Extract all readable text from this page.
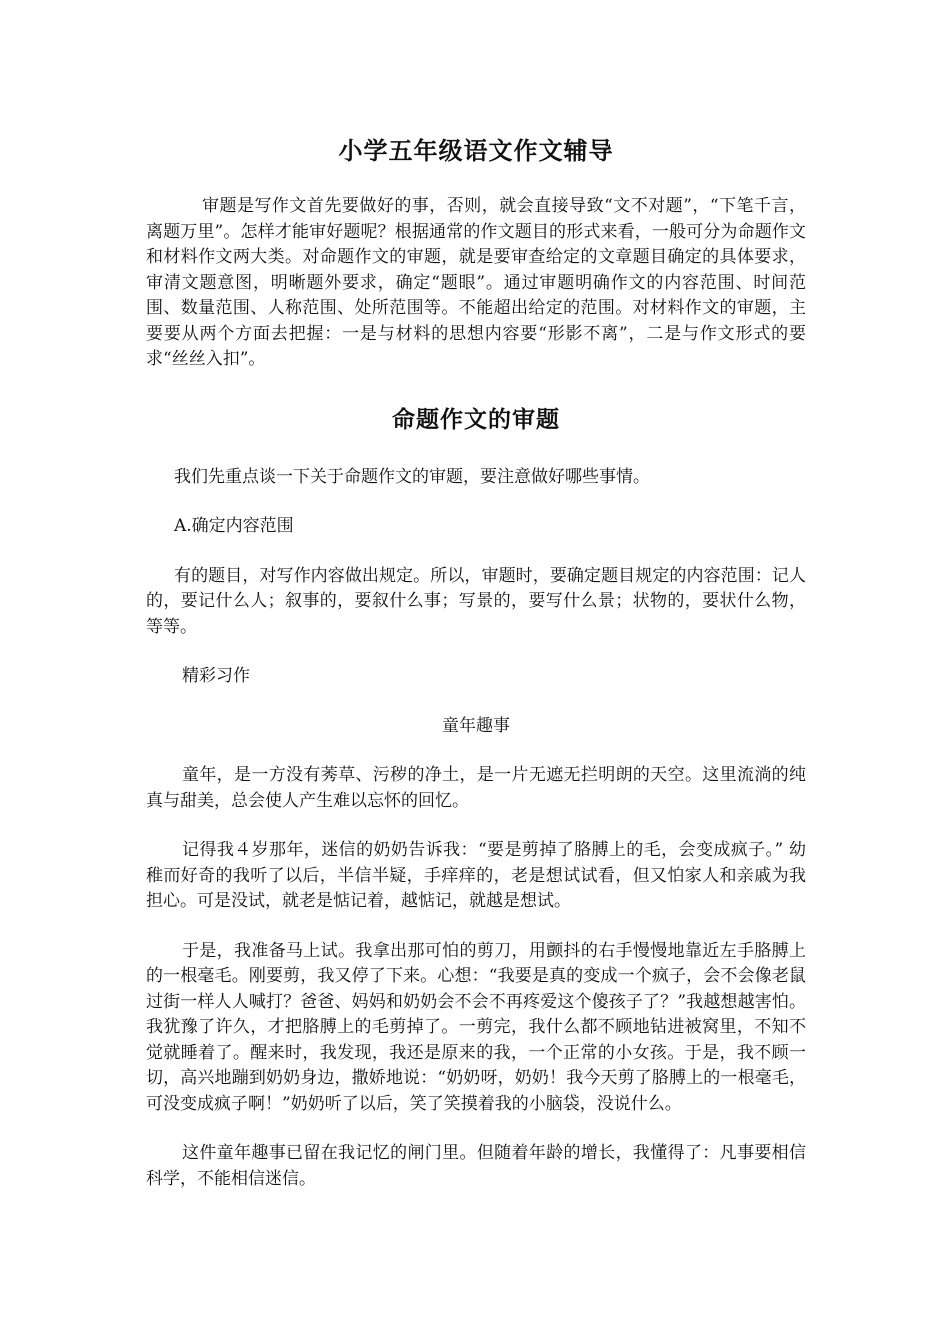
小学五年级语文作文辅导

审题是写作文首先要做好的事，否则，就会直接导致“文不对题”，“下笔千言，离题万里”。怎样才能审好题呢？根据通常的作文题目的形式来看，一般可分为命题作文和材料作文两大类。对命题作文的审题，就是要审查给定的文章题目确定的具体要求，审清文题意图，明晰题外要求，确定“题眼”。通过审题明确作文的内容范围、时间范围、数量范围、人称范围、处所范围等。不能超出给定的范围。对材料作文的审题，主要要从两个方面去把握：一是与材料的思想内容要“形影不离”，二是与作文形式的要求“丝丝入扣”。

命题作文的审题

我们先重点谈一下关于命题作文的审题，要注意做好哪些事情。

A.确定内容范围

有的题目，对写作内容做出规定。所以，审题时，要确定题目规定的内容范围：记人的，要记什么人；叙事的，要叙什么事；写景的，要写什么景；状物的，要状什么物，等等。

精彩习作

童年趣事

童年，是一方没有莠草、污秽的净土，是一片无遮无拦明朗的天空。这里流淌的纯真与甜美，总会使人产生难以忘怀的回忆。

记得我４岁那年，迷信的奶奶告诉我：“要是剪掉了胳膊上的毛，会变成疯子。” 幼稚而好奇的我听了以后，半信半疑，手痒痒的，老是想试试看，但又怕家人和亲戚为我担心。可是没试，就老是惦记着，越惦记，就越是想试。

于是，我准备马上试。我拿出那可怕的剪刀，用颤抖的右手慢慢地靠近左手胳膊上的一根毫毛。刚要剪，我又停了下来。心想：“我要是真的变成一个疯子，会不会像老鼠过街一样人人喊打？爸爸、妈妈和奶奶会不会不再疼爱这个傻孩子了？”我越想越害怕。我犹豫了许久，才把胳膊上的毛剪掉了。一剪完，我什么都不顾地钻进被窝里，不知不觉就睡着了。醒来时，我发现，我还是原来的我，一个正常的小女孩。于是，我不顾一切，高兴地蹦到奶奶身边，撒娇地说：“奶奶呀，奶奶！我今天剪了胳膊上的一根毫毛，可没变成疯子啊！”奶奶听了以后，笑了笑摸着我的小脑袋，没说什么。

这件童年趣事已留在我记忆的闸门里。但随着年龄的增长，我懂得了：凡事要相信科学，不能相信迷信。
